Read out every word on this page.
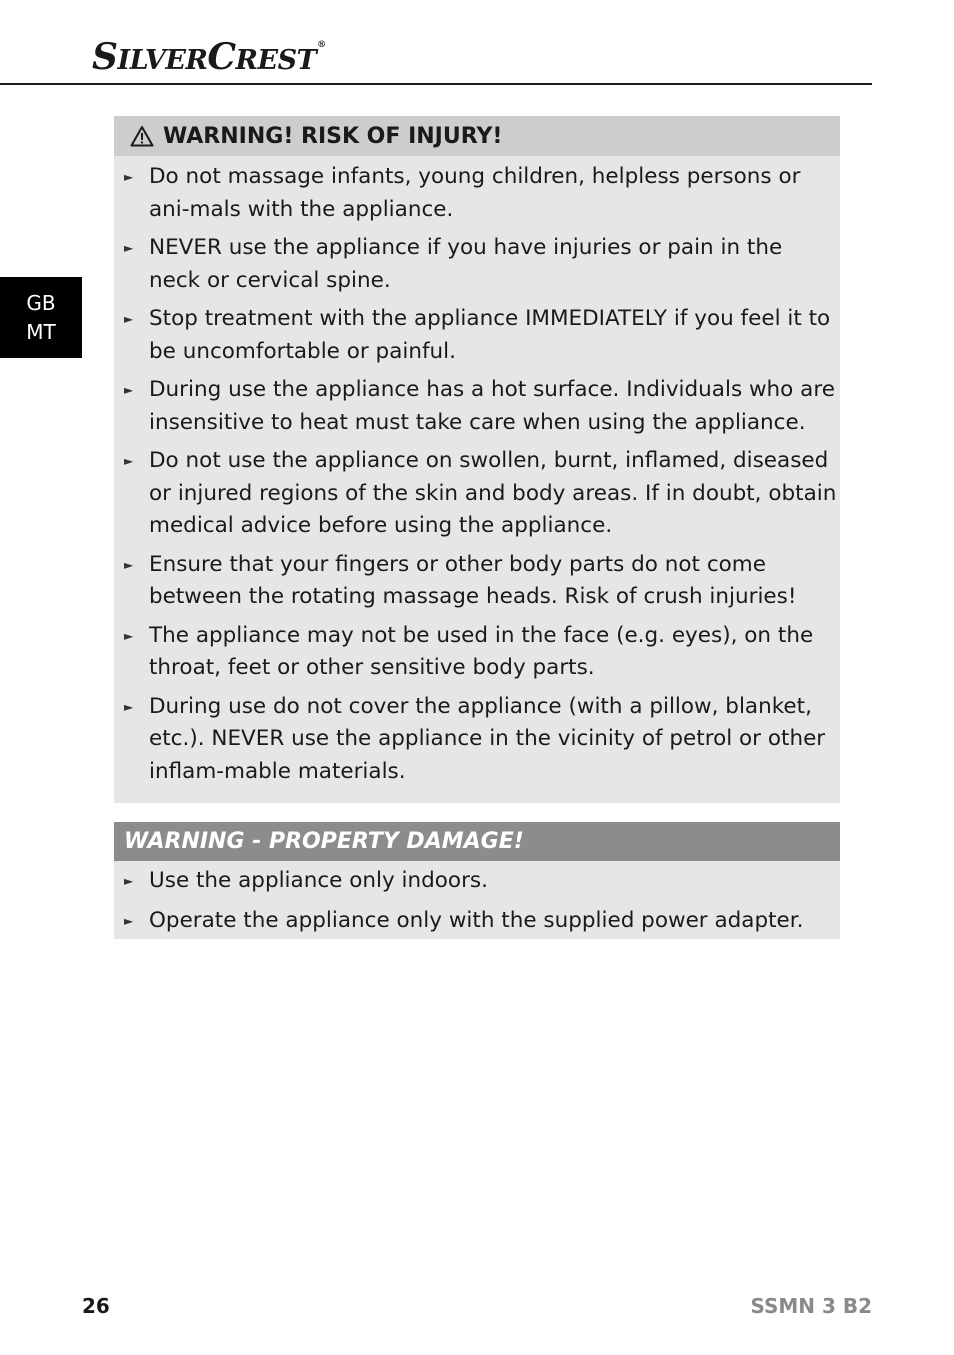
SILVERCREST®
GB
MT
WARNING! RISK OF INJURY!
► Do not massage infants, young children, helpless persons or ani-mals with the appliance.
► NEVER use the appliance if you have injuries or pain in the neck or cervical spine.
► Stop treatment with the appliance IMMEDIATELY if you feel it to be uncomfortable or painful.
► During use the appliance has a hot surface. Individuals who are insensitive to heat must take care when using the appliance.
► Do not use the appliance on swollen, burnt, inflamed, diseased or injured regions of the skin and body areas. If in doubt, obtain medical advice before using the appliance.
► Ensure that your fingers or other body parts do not come between the rotating massage heads. Risk of crush injuries!
► The appliance may not be used in the face (e.g. eyes), on the throat, feet or other sensitive body parts.
► During use do not cover the appliance (with a pillow, blanket, etc.). NEVER use the appliance in the vicinity of petrol or other inflam-mable materials.
WARNING - PROPERTY DAMAGE!
► Use the appliance only indoors.
► Operate the appliance only with the supplied power adapter.
26	SSMN 3 B2
